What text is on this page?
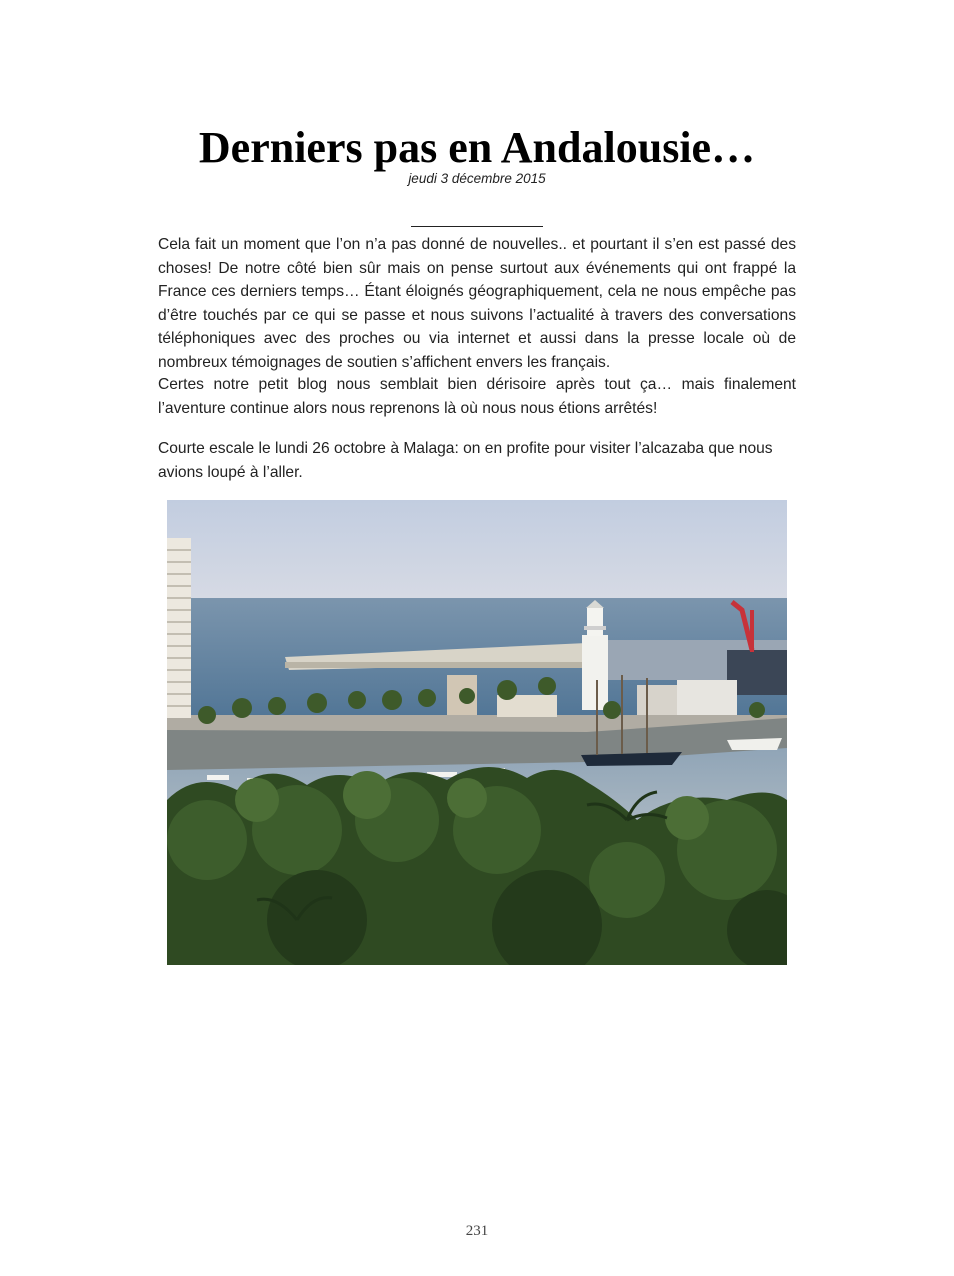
Derniers pas en Andalousie…
jeudi 3 décembre 2015

Cela fait un moment que l’on n’a pas donné de nouvelles.. et pourtant il s’en est passé des choses! De notre côté bien sûr mais on pense surtout aux événements qui ont frappé la France ces derniers temps… Étant éloignés géographiquement, cela ne nous empêche pas d’être touchés par ce qui se passe et nous suivons l’actualité à travers des conversations téléphoniques avec des proches ou via internet et aussi dans la presse locale où de nombreux témoignages de soutien s’affichent envers les français.

Certes notre petit blog nous semblait bien dérisoire après tout ça… mais finalement l’aventure continue alors nous reprenons là où nous nous étions arrêtés!

Courte escale le lundi 26 octobre à Malaga: on en profite pour visiter l’alcazaba que nous avions loupé à l’aller.

231
